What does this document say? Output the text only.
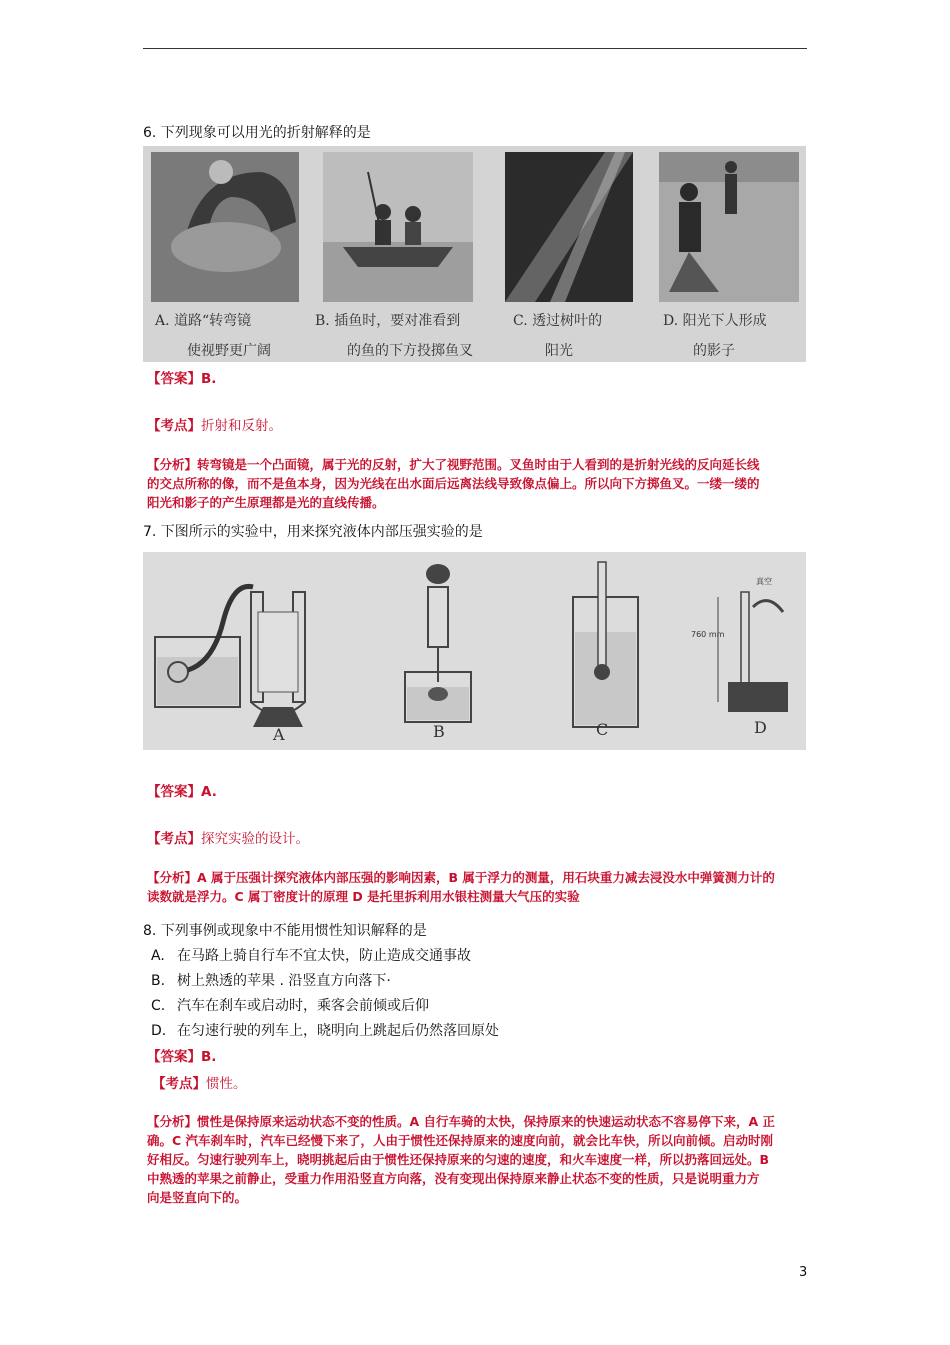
6. 下列现象可以用光的折射解释的是
A. 道路“转弯镜
使视野更广阔
B. 插鱼时，要对准看到
的鱼的下方投掷鱼叉
C. 透过树叶的
阳光
D. 阳光下人形成
的影子
【答案】B.
【考点】折射和反射。
【分析】转弯镜是一个凸面镜，属于光的反射，扩大了视野范围。叉鱼时由于人看到的是折射光线的反向延长线
的交点所称的像，而不是鱼本身，因为光线在出水面后远离法线导致像点偏上。所以向下方掷鱼叉。一缕一缕的
阳光和影子的产生原理都是光的直线传播。
7. 下图所示的实验中，用来探究液体内部压强实验的是
A	B	C	D
760 mm
真空
【答案】A.
【考点】探究实验的设计。
【分析】A 属于压强计探究液体内部压强的影响因素，B 属于浮力的测量，用石块重力减去浸没水中弹簧测力计的
读数就是浮力。C 属丁密度计的原理 D 是托里拆利用水银柱测量大气压的实验
8. 下列事例或现象中不能用惯性知识解释的是
A. 在马路上骑自行车不宜太快，防止造成交通事故
B. 树上熟透的苹果 . 沿竖直方向落下·
C. 汽车在刹车或启动时，乘客会前倾或后仰
D. 在匀速行驶的列车上，晓明向上跳起后仍然落回原处
【答案】B.
【考点】惯性。
【分析】惯性是保持原来运动状态不变的性质。A 自行车骑的太快，保持原来的快速运动状态不容易停下来，A 正
确。C 汽车刹车时，汽车已经慢下来了，人由于惯性还保持原来的速度向前，就会比车快，所以向前倾。启动时刚
好相反。匀速行驶列车上，晓明挑起后由于惯性还保持原来的匀速的速度，和火车速度一样，所以扔落回远处。B
中熟透的苹果之前静止，受重力作用沿竖直方向落，没有变现出保持原来静止状态不变的性质，只是说明重力方
向是竖直向下的。
3
